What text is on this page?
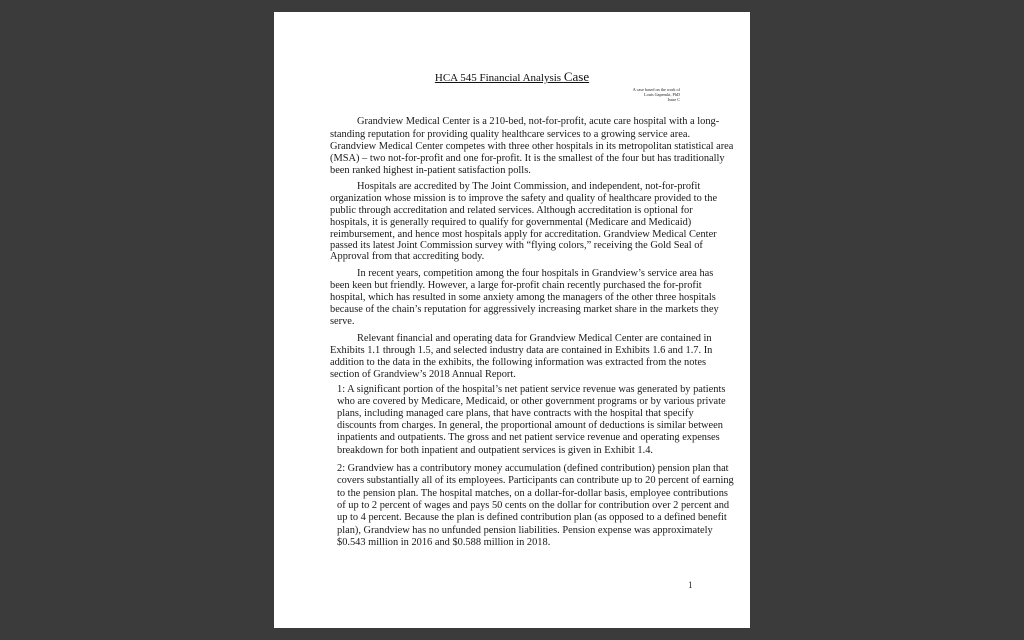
HCA 545 Financial Analysis Case
A case based on the work of
Louis Gapenski, PhD
Issue C
Grandview Medical Center is a 210-bed, not-for-profit, acute care hospital with a long-
standing reputation for providing quality healthcare services to a growing service area.
Grandview Medical Center competes with three other hospitals in its metropolitan statistical area
(MSA) – two not-for-profit and one for-profit. It is the smallest of the four but has traditionally
been ranked highest in-patient satisfaction polls.
Hospitals are accredited by The Joint Commission, and independent, not-for-profit
organization whose mission is to improve the safety and quality of healthcare provided to the
public through accreditation and related services. Although accreditation is optional for
hospitals, it is generally required to qualify for governmental (Medicare and Medicaid)
reimbursement, and hence most hospitals apply for accreditation. Grandview Medical Center
passed its latest Joint Commission survey with “flying colors,” receiving the Gold Seal of
Approval from that accrediting body.
In recent years, competition among the four hospitals in Grandview’s service area has
been keen but friendly. However, a large for-profit chain recently purchased the for-profit
hospital, which has resulted in some anxiety among the managers of the other three hospitals
because of the chain’s reputation for aggressively increasing market share in the markets they
serve.
Relevant financial and operating data for Grandview Medical Center are contained in
Exhibits 1.1 through 1.5, and selected industry data are contained in Exhibits 1.6 and 1.7. In
addition to the data in the exhibits, the following information was extracted from the notes
section of Grandview’s 2018 Annual Report.
1: A significant portion of the hospital’s net patient service revenue was generated by patients
who are covered by Medicare, Medicaid, or other government programs or by various private
plans, including managed care plans, that have contracts with the hospital that specify
discounts from charges. In general, the proportional amount of deductions is similar between
inpatients and outpatients. The gross and net patient service revenue and operating expenses
breakdown for both inpatient and outpatient services is given in Exhibit 1.4.
2: Grandview has a contributory money accumulation (defined contribution) pension plan that
covers substantially all of its employees. Participants can contribute up to 20 percent of earning
to the pension plan. The hospital matches, on a dollar-for-dollar basis, employee contributions
of up to 2 percent of wages and pays 50 cents on the dollar for contribution over 2 percent and
up to 4 percent. Because the plan is defined contribution plan (as opposed to a defined benefit
plan), Grandview has no unfunded pension liabilities. Pension expense was approximately
$0.543 million in 2016 and $0.588 million in 2018.
1
